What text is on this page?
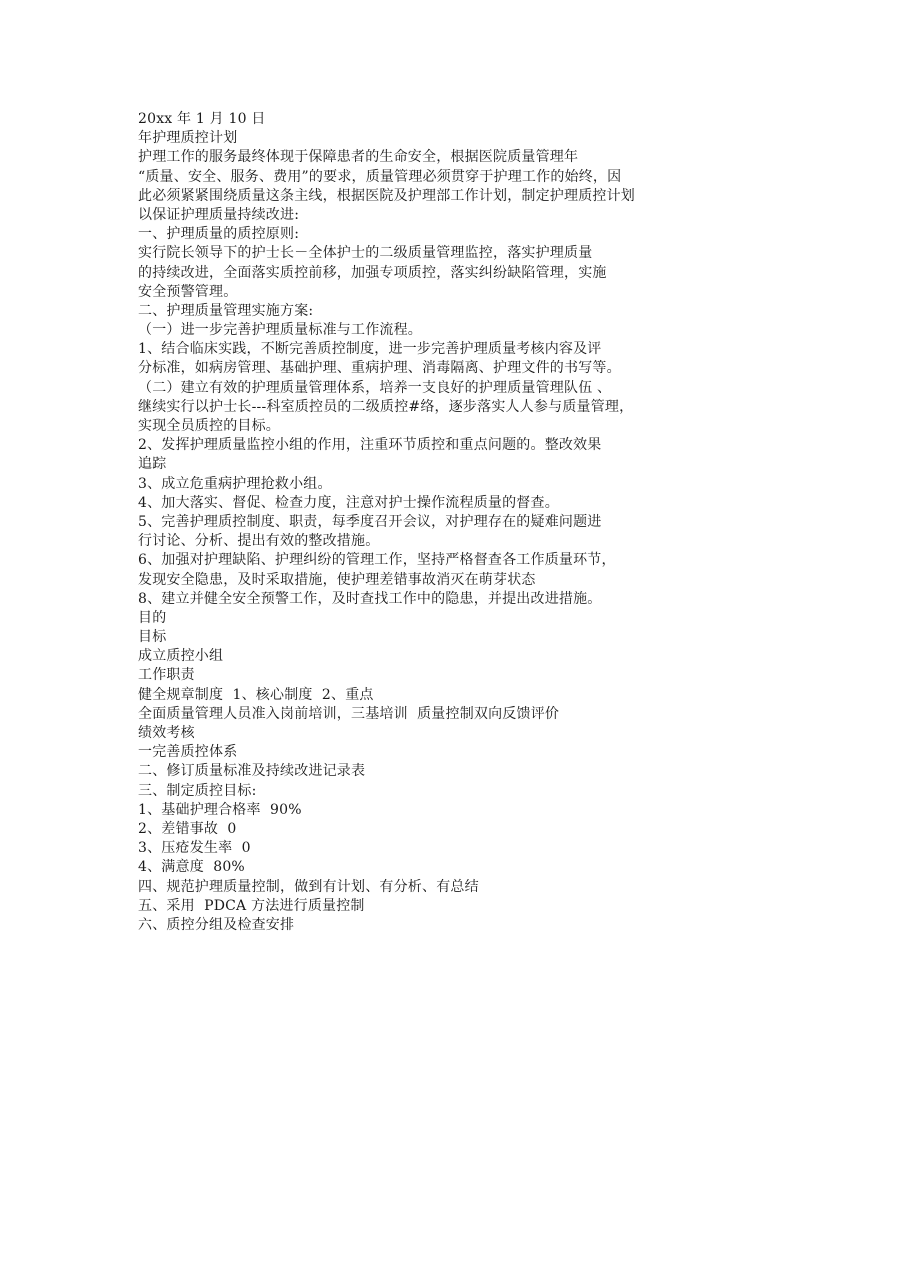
20xx 年 1 月 10 日
年护理质控计划
护理工作的服务最终体现于保障患者的生命安全，根据医院质量管理年
“质量、安全、服务、费用”的要求，质量管理必须贯穿于护理工作的始终，因
此必须紧紧围绕质量这条主线，根据医院及护理部工作计划，制定护理质控计划
以保证护理质量持续改进:
一、护理质量的质控原则:
实行院长领导下的护士长－全体护士的二级质量管理监控，落实护理质量
的持续改进，全面落实质控前移，加强专项质控，落实纠纷缺陷管理，实施
安全预警管理。
二、护理质量管理实施方案:
（一）进一步完善护理质量标准与工作流程。
1、结合临床实践，不断完善质控制度，进一步完善护理质量考核内容及评
分标准，如病房管理、基础护理、重病护理、消毒隔离、护理文件的书写等。
（二）建立有效的护理质量管理体系，培养一支良好的护理质量管理队伍 、
继续实行以护士长---科室质控员的二级质控#络，逐步落实人人参与质量管理，
实现全员质控的目标。
2、发挥护理质量监控小组的作用，注重环节质控和重点问题的。整改效果
追踪
3、成立危重病护理抢救小组。
4、加大落实、督促、检查力度，注意对护士操作流程质量的督查。
5、完善护理质控制度、职责，每季度召开会议，对护理存在的疑难问题进
行讨论、分析、提出有效的整改措施。
6、加强对护理缺陷、护理纠纷的管理工作，坚持严格督查各工作质量环节，
发现安全隐患，及时采取措施，使护理差错事故消灭在萌芽状态
8、建立并健全安全预警工作，及时查找工作中的隐患，并提出改进措施。
目的
目标
成立质控小组
工作职责
健全规章制度  1、核心制度  2、重点
全面质量管理人员准入岗前培训，三基培训  质量控制双向反馈评价
绩效考核
一完善质控体系
二、修订质量标准及持续改进记录表
三、制定质控目标:
1、基础护理合格率  90%
2、差错事故  0
3、压疮发生率  0
4、满意度  80%
四、规范护理质量控制，做到有计划、有分析、有总结
五、采用  PDCA 方法进行质量控制
六、质控分组及检查安排
